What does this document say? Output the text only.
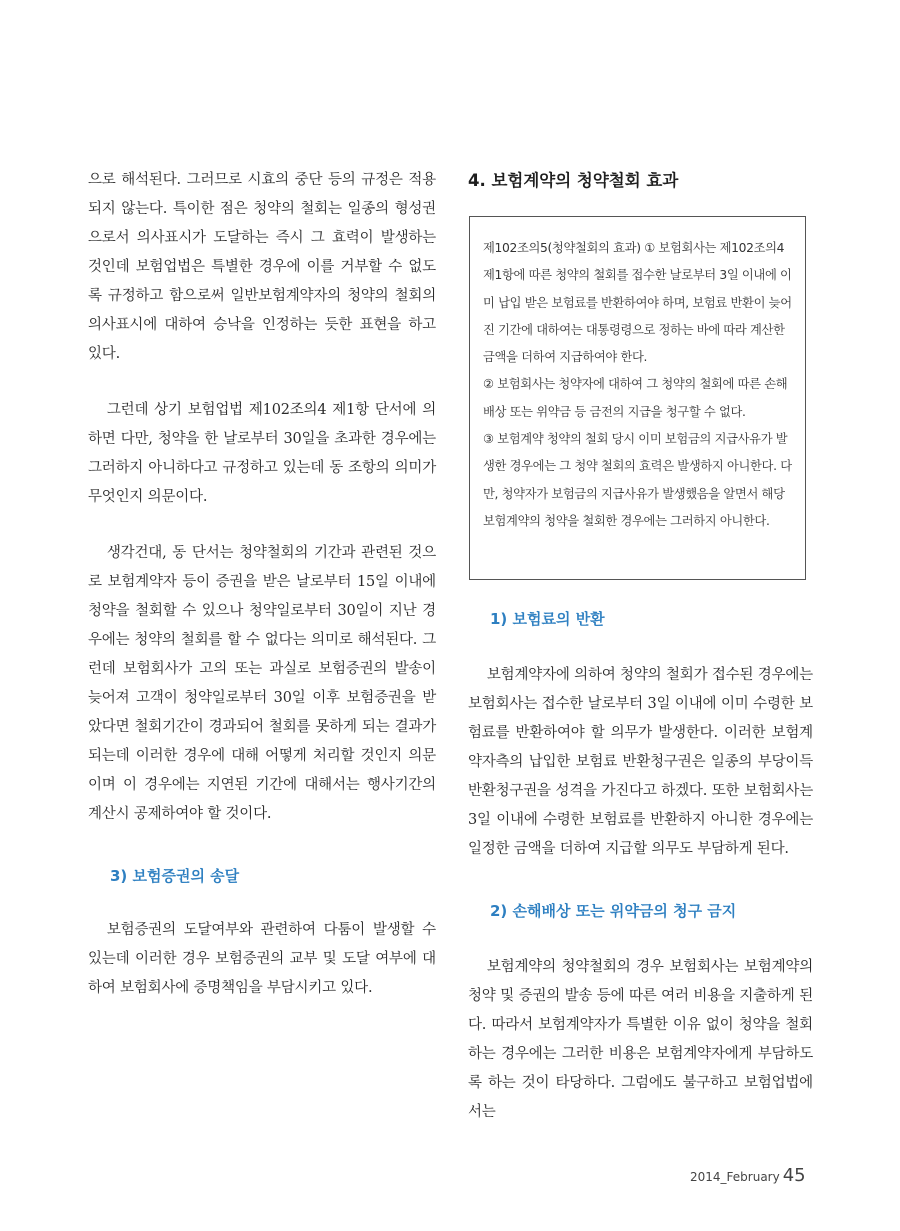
으로 해석된다. 그러므로 시효의 중단 등의 규정은 적용되지 않는다. 특이한 점은 청약의 철회는 일종의 형성권으로서 의사표시가 도달하는 즉시 그 효력이 발생하는 것인데 보험업법은 특별한 경우에 이를 거부할 수 없도록 규정하고 함으로써 일반보험계약자의 청약의 철회의 의사표시에 대하여 승낙을 인정하는 듯한 표현을 하고 있다.

그런데 상기 보험업법 제102조의4 제1항 단서에 의하면 다만, 청약을 한 날로부터 30일을 초과한 경우에는 그러하지 아니하다고 규정하고 있는데 동 조항의 의미가 무엇인지 의문이다.

생각건대, 동 단서는 청약철회의 기간과 관련된 것으로 보험계약자 등이 증권을 받은 날로부터 15일 이내에 청약을 철회할 수 있으나 청약일로부터 30일이 지난 경우에는 청약의 철회를 할 수 없다는 의미로 해석된다. 그런데 보험회사가 고의 또는 과실로 보험증권의 발송이 늦어져 고객이 청약일로부터 30일 이후 보험증권을 받았다면 철회기간이 경과되어 철회를 못하게 되는 결과가 되는데 이러한 경우에 대해 어떻게 처리할 것인지 의문이며 이 경우에는 지연된 기간에 대해서는 행사기간의 계산시 공제하여야 할 것이다.

3) 보험증권의 송달

보험증권의 도달여부와 관련하여 다툼이 발생할 수 있는데 이러한 경우 보험증권의 교부 및 도달 여부에 대하여 보험회사에 증명책임을 부담시키고 있다.

4. 보험계약의 청약철회 효과

제102조의5(청약철회의 효과) ① 보험회사는 제102조의4 제1항에 따른 청약의 철회를 접수한 날로부터 3일 이내에 이미 납입 받은 보험료를 반환하여야 하며, 보험료 반환이 늦어진 기간에 대하여는 대통령령으로 정하는 바에 따라 계산한 금액을 더하여 지급하여야 한다.

② 보험회사는 청약자에 대하여 그 청약의 철회에 따른 손해배상 또는 위약금 등 금전의 지급을 청구할 수 없다.

③ 보험계약 청약의 철회 당시 이미 보험금의 지급사유가 발생한 경우에는 그 청약 철회의 효력은 발생하지 아니한다. 다만, 청약자가 보험금의 지급사유가 발생했음을 알면서 해당 보험계약의 청약을 철회한 경우에는 그러하지 아니한다.

1) 보험료의 반환

보험계약자에 의하여 청약의 철회가 접수된 경우에는 보험회사는 접수한 날로부터 3일 이내에 이미 수령한 보험료를 반환하여야 할 의무가 발생한다. 이러한 보험계약자측의 납입한 보험료 반환청구권은 일종의 부당이득반환청구권을 성격을 가진다고 하겠다. 또한 보험회사는 3일 이내에 수령한 보험료를 반환하지 아니한 경우에는 일정한 금액을 더하여 지급할 의무도 부담하게 된다.

2) 손해배상 또는 위약금의 청구 금지

보험계약의 청약철회의 경우 보험회사는 보험계약의 청약 및 증권의 발송 등에 따른 여러 비용을 지출하게 된다. 따라서 보험계약자가 특별한 이유 없이 청약을 철회하는 경우에는 그러한 비용은 보험계약자에게 부담하도록 하는 것이 타당하다. 그럼에도 불구하고 보험업법에서는

2014_February 45
